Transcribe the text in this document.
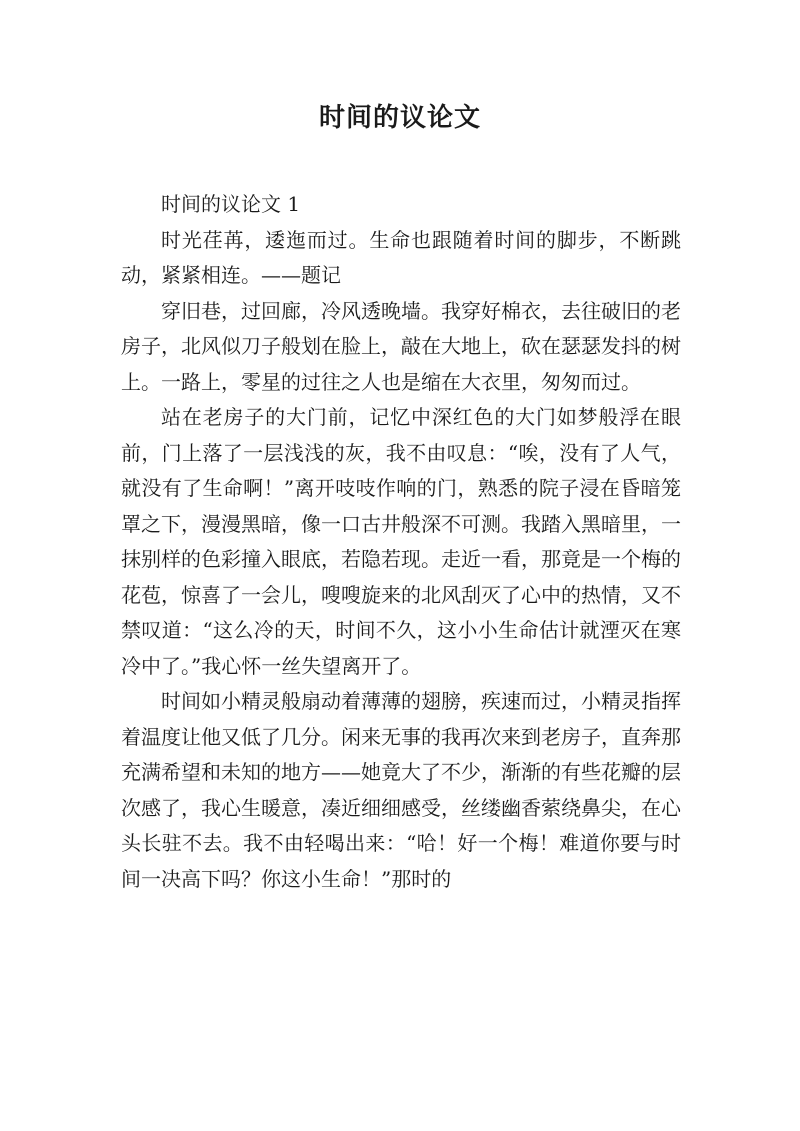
时间的议论文

时间的议论文 1

时光荏苒，逶迤而过。生命也跟随着时间的脚步，不断跳动，紧紧相连。——题记

穿旧巷，过回廊，冷风透晚墙。我穿好棉衣，去往破旧的老房子，北风似刀子般划在脸上，敲在大地上，砍在瑟瑟发抖的树上。一路上，零星的过往之人也是缩在大衣里，匆匆而过。

站在老房子的大门前，记忆中深红色的大门如梦般浮在眼前，门上落了一层浅浅的灰，我不由叹息：“唉，没有了人气，就没有了生命啊！”离开吱吱作响的门，熟悉的院子浸在昏暗笼罩之下，漫漫黑暗，像一口古井般深不可测。我踏入黑暗里，一抹别样的色彩撞入眼底，若隐若现。走近一看，那竟是一个梅的花苞，惊喜了一会儿，嗖嗖旋来的北风刮灭了心中的热情，又不禁叹道：“这么冷的天，时间不久，这小小生命估计就湮灭在寒冷中了。”我心怀一丝失望离开了。

时间如小精灵般扇动着薄薄的翅膀，疾速而过，小精灵指挥着温度让他又低了几分。闲来无事的我再次来到老房子，直奔那充满希望和未知的地方——她竟大了不少，渐渐的有些花瓣的层次感了，我心生暖意，凑近细细感受，丝缕幽香萦绕鼻尖，在心头长驻不去。我不由轻喝出来：“哈！好一个梅！难道你要与时间一决高下吗？你这小生命！”那时的
